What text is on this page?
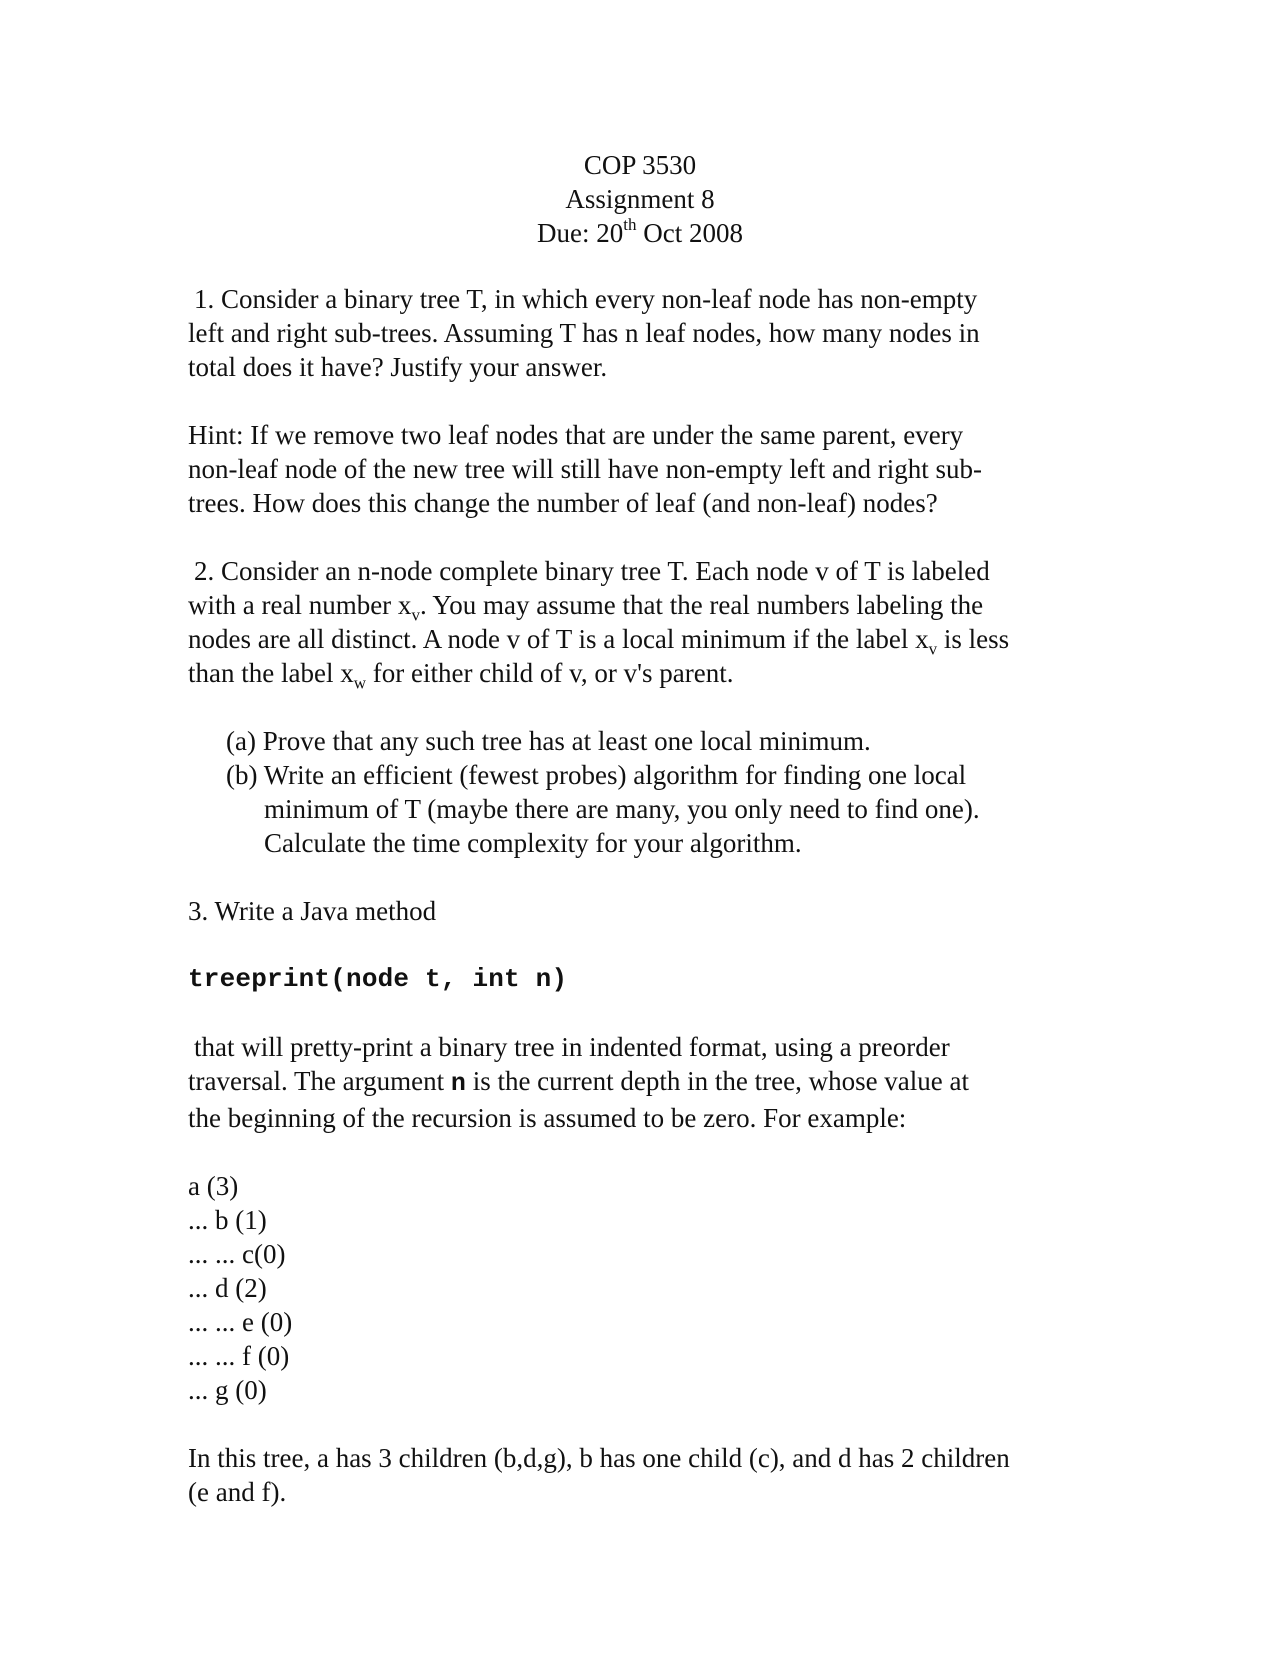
COP 3530
Assignment 8
Due: 20th Oct 2008

1. Consider a binary tree T, in which every non-leaf node has non-empty

left and right sub-trees. Assuming T has n leaf nodes, how many nodes in

total does it have? Justify your answer.

Hint: If we remove two leaf nodes that are under the same parent, every

non-leaf node of the new tree will still have non-empty left and right sub-

trees. How does this change the number of leaf (and non-leaf) nodes?

2. Consider an n-node complete binary tree T. Each node v of T is labeled

with a real number $x_v$. You may assume that the real numbers labeling the

nodes are all distinct. A node v of T is a local minimum if the label $x_v$ is less

than the label $x_w$ for either child of v, or v's parent.

(a) Prove that any such tree has at least one local minimum.
(b) Write an efficient (fewest probes) algorithm for finding one local
minimum of T (maybe there are many, you only need to find one).
Calculate the time complexity for your algorithm.

3. Write a Java method

treeprint(node t, int n)

that will pretty-print a binary tree in indented format, using a preorder

traversal. The argument n is the current depth in the tree, whose value at

the beginning of the recursion is assumed to be zero. For example:

a (3)

... b (1)

... ... c(0)

... d (2)

... ... e (0)

... ... f (0)

... g (0)

In this tree, a has 3 children (b,d,g), b has one child (c), and d has 2 children

(e and f).
